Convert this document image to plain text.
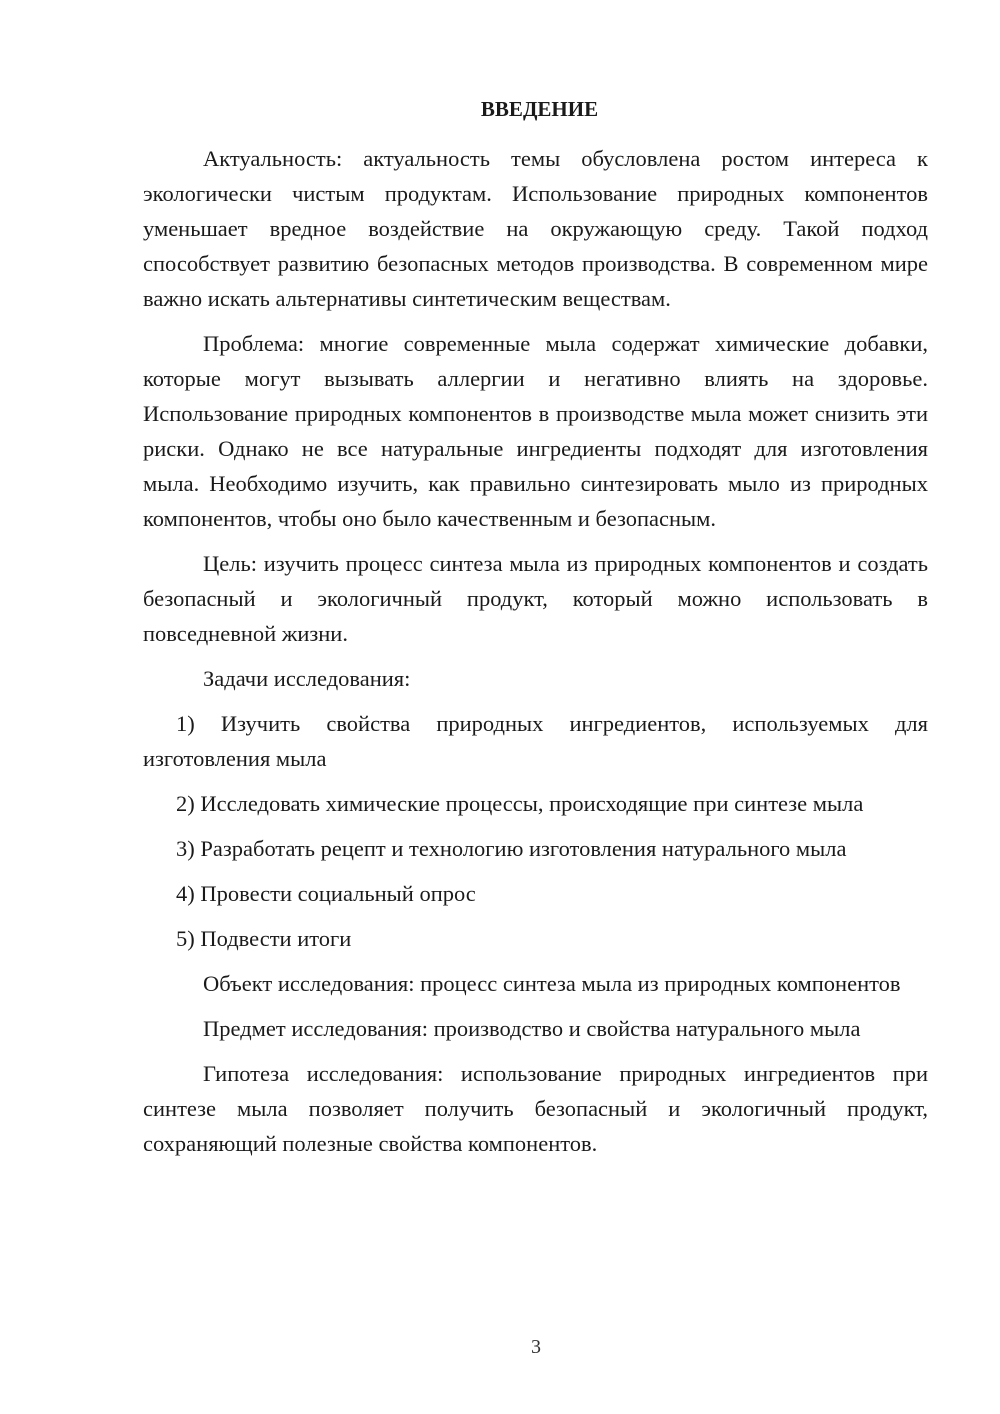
ВВЕДЕНИЕ

Актуальность: актуальность темы обусловлена ростом интереса к экологически чистым продуктам. Использование природных компонентов уменьшает вредное воздействие на окружающую среду. Такой подход способствует развитию безопасных методов производства. В современном мире важно искать альтернативы синтетическим веществам.

Проблема: многие современные мыла содержат химические добавки, которые могут вызывать аллергии и негативно влиять на здоровье. Использование природных компонентов в производстве мыла может снизить эти риски. Однако не все натуральные ингредиенты подходят для изготовления мыла. Необходимо изучить, как правильно синтезировать мыло из природных компонентов, чтобы оно было качественным и безопасным.

Цель: изучить процесс синтеза мыла из природных компонентов и создать безопасный и экологичный продукт, который можно использовать в повседневной жизни.

Задачи исследования:

1) Изучить свойства природных ингредиентов, используемых для изготовления мыла

2) Исследовать химические процессы, происходящие при синтезе мыла

3) Разработать рецепт и технологию изготовления натурального мыла

4) Провести социальный опрос

5) Подвести итоги

Объект исследования: процесс синтеза мыла из природных компонентов

Предмет исследования: производство и свойства натурального мыла

Гипотеза исследования: использование природных ингредиентов при синтезе мыла позволяет получить безопасный и экологичный продукт, сохраняющий полезные свойства компонентов.

3
